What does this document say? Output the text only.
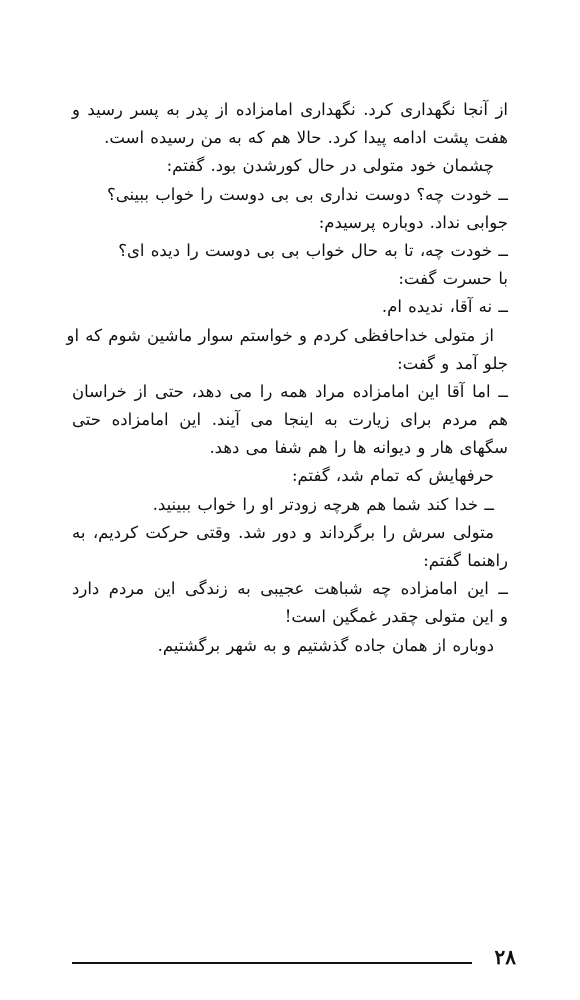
از آنجا نگهداری کرد. نگهداری امامزاده از پدر به پسر رسید و
هفت پشت ادامه پیدا کرد. حالا هم که به من رسیده است.
چشمان خود متولی در حال کورشدن بود. گفتم:
ــ خودت چه؟ دوست نداری بی بی دوست را خواب ببینی؟
جوابی نداد. دوباره پرسیدم:
ــ خودت چه، تا به حال خواب بی بی دوست را دیده ای؟
با حسرت گفت:
ــ نه آقا، ندیده ام.
از متولی خداحافظی کردم و خواستم سوار ماشین شوم که او
جلو آمد و گفت:
ــ اما آقا این امامزاده مراد همه را می دهد، حتی از خراسان
هم مردم برای زیارت به اینجا می آیند. این امامزاده حتی
سگهای هار و دیوانه ها را هم شفا می دهد.
حرفهایش که تمام شد، گفتم:
ــ خدا کند شما هم هرچه زودتر او را خواب ببینید.
متولی سرش را برگرداند و دور شد. وقتی حرکت کردیم، به
راهنما گفتم:
ــ این امامزاده چه شباهت عجیبی به زندگی این مردم دارد
و این متولی چقدر غمگین است!
دوباره از همان جاده گذشتیم و به شهر برگشتیم.
۲۸
